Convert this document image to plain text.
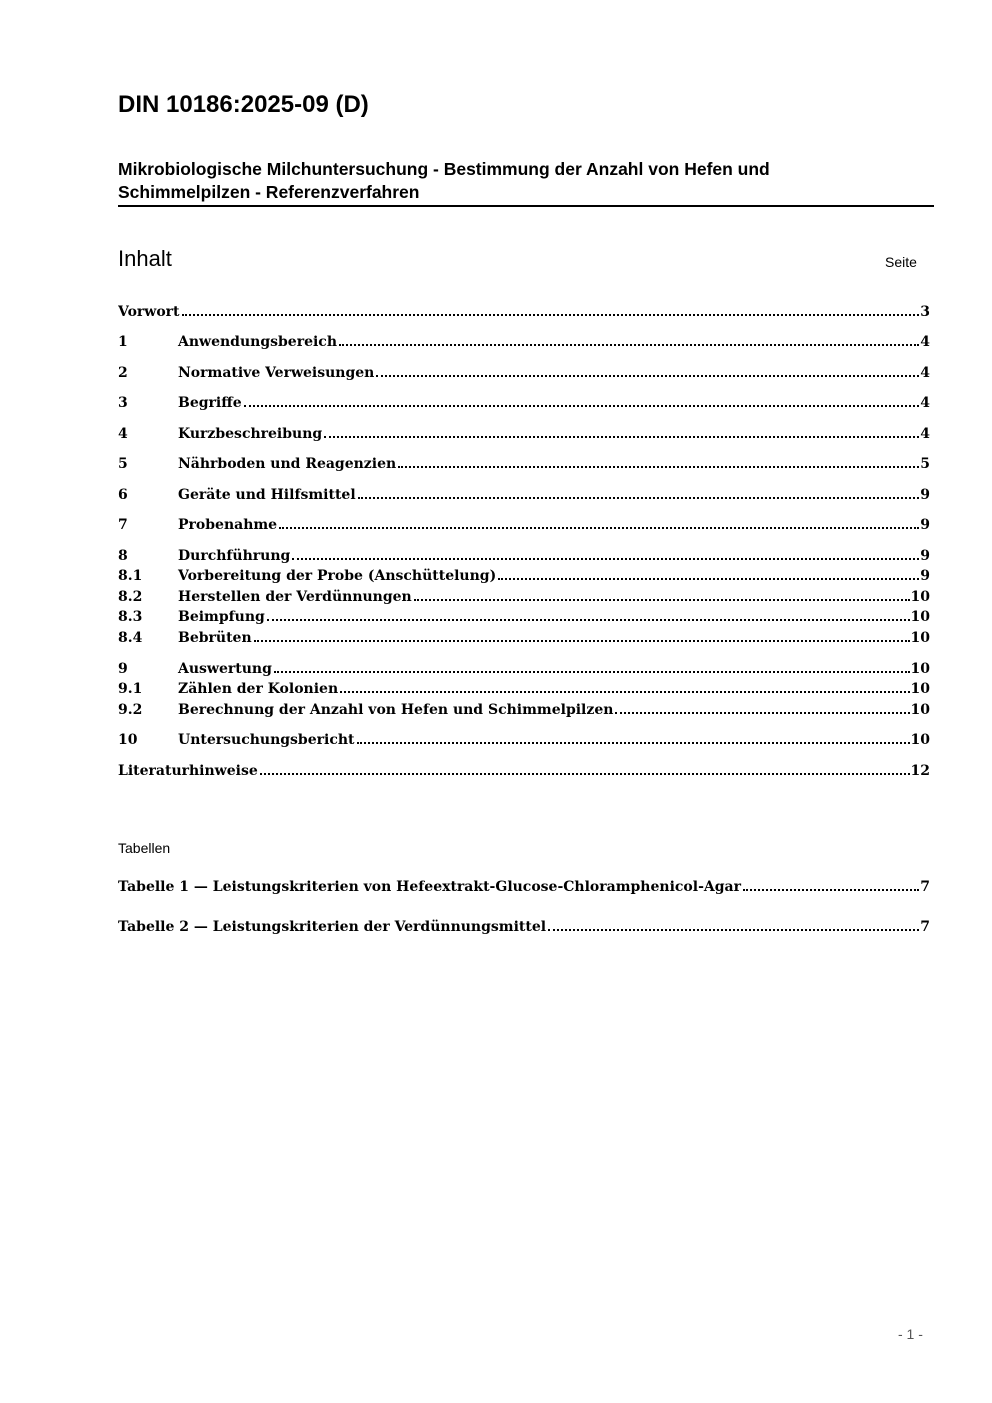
DIN 10186:2025-09 (D)
Mikrobiologische Milchuntersuchung - Bestimmung der Anzahl von Hefen und
Schimmelpilzen - Referenzverfahren
Inhalt	Seite
Vorwort	3
1	Anwendungsbereich	4
2	Normative Verweisungen	4
3	Begriffe	4
4	Kurzbeschreibung	4
5	Nährboden und Reagenzien	5
6	Geräte und Hilfsmittel	9
7	Probenahme	9
8	Durchführung	9
8.1	Vorbereitung der Probe (Anschüttelung)	9
8.2	Herstellen der Verdünnungen	10
8.3	Beimpfung	10
8.4	Bebrüten	10
9	Auswertung	10
9.1	Zählen der Kolonien	10
9.2	Berechnung der Anzahl von Hefen und Schimmelpilzen	10
10	Untersuchungsbericht	10
Literaturhinweise	12
Tabellen
Tabelle 1 — Leistungskriterien von Hefeextrakt-Glucose-Chloramphenicol-Agar	7
Tabelle 2 — Leistungskriterien der Verdünnungsmittel	7
- 1 -
